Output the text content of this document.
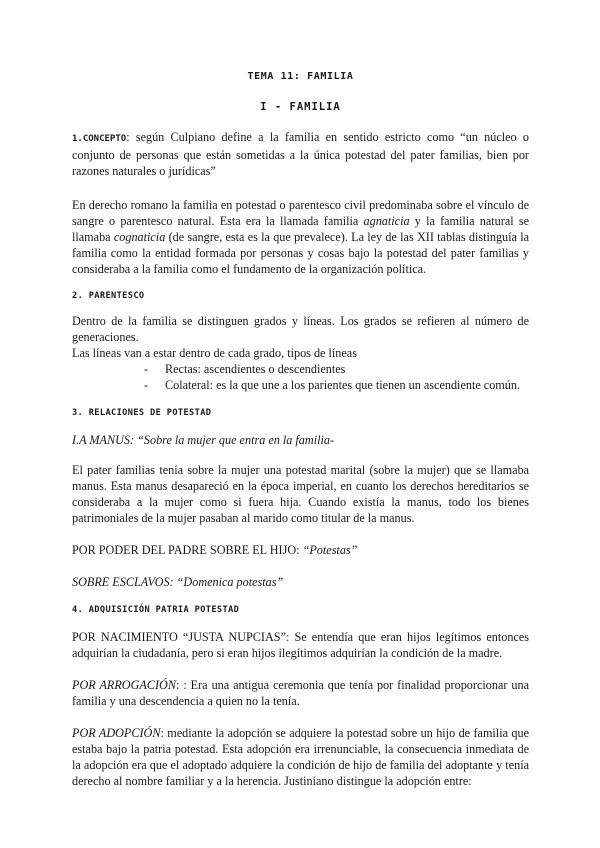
TEMA 11: FAMILIA
I - FAMILIA

1.CONCEPTO: según Culpiano define a la familia en sentido estricto como “un núcleo o conjunto de personas que están sometidas a la única potestad del pater familias, bien por razones naturales o jurídicas”

En derecho romano la familia en potestad o parentesco civil predominaba sobre el vínculo de sangre o parentesco natural. Esta era la llamada familia agnaticia y la familia natural se llamaba cognaticia (de sangre, esta es la que prevalece). La ley de las XII tablas distinguía la familia como la entidad formada por personas y cosas bajo la potestad del pater familias y consideraba a la familia como el fundamento de la organización política.

2. PARENTESCO

Dentro de la familia se distinguen grados y líneas. Los grados se refieren al número de generaciones.

Las líneas van a estar dentro de cada grado, tipos de líneas

- Rectas: ascendientes o descendientes
- Colateral: es la que une a los parientes que tienen un ascendiente común.
3. RELACIONES DE POTESTAD

I.A MANUS: “Sobre la mujer que entra en la familia-

El pater familias tenía sobre la mujer una potestad marital (sobre la mujer) que se llamaba manus. Esta manus desapareció en la época imperial, en cuanto los derechos hereditarios se consideraba a la mujer como si fuera hija. Cuando existía la manus, todo los bienes patrimoniales de la mujer pasaban al marido como titular de la manus.

POR PODER DEL PADRE SOBRE EL HIJO: “Potestas”

SOBRE ESCLAVOS: “Domenica potestas”

4. ADQUISICIÓN PATRIA POTESTAD

POR NACIMIENTO “JUSTA NUPCIAS”: Se entendía que eran hijos legítimos entonces adquirían la ciudadanía, pero si eran hijos ilegítimos adquirían la condición de la madre.

POR ARROGACIÓN: : Era una antigua ceremonia que tenía por finalidad proporcionar una familia y una descendencia a quien no la tenía.

POR ADOPCIÓN: mediante la adopción se adquiere la potestad sobre un hijo de familia que estaba bajo la patria potestad. Esta adopción era irrenunciable, la consecuencia inmediata de la adopción era que el adoptado adquiere la condición de hijo de familia del adoptante y tenía derecho al nombre familiar y a la herencia. Justiniano distingue la adopción entre:
